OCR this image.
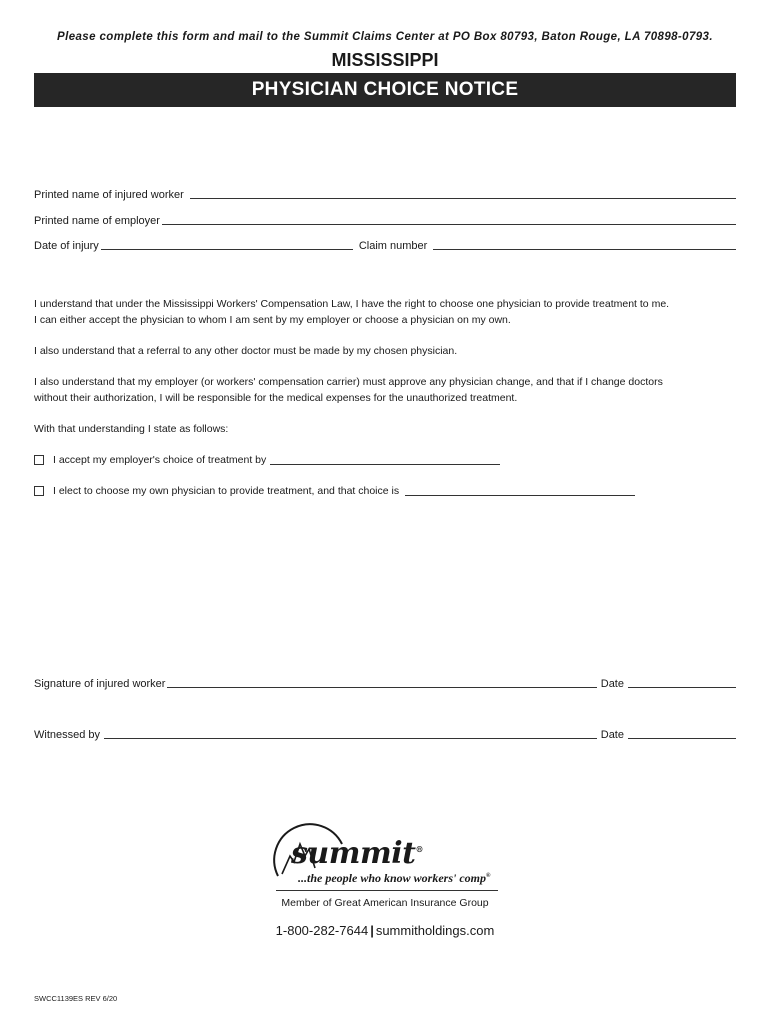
Please complete this form and mail to the Summit Claims Center at PO Box 80793, Baton Rouge, LA 70898-0793.
MISSISSIPPI
PHYSICIAN CHOICE NOTICE
Printed name of injured worker
Printed name of employer
Date of injury	Claim number
I understand that under the Mississippi Workers' Compensation Law, I have the right to choose one physician to provide treatment to me.
I can either accept the physician to whom I am sent by my employer or choose a physician on my own.
I also understand that a referral to any other doctor must be made by my chosen physician.
I also understand that my employer (or workers' compensation carrier) must approve any physician change, and that if I change doctors
without their authorization, I will be responsible for the medical expenses for the unauthorized treatment.
With that understanding I state as follows:
I accept my employer's choice of treatment by
I elect to choose my own physician to provide treatment, and that choice is
Signature of injured worker	Date
Witnessed by	Date
summit®
...the people who know workers' comp®
Member of Great American Insurance Group
1-800-282-7644 | summitholdings.com
SWCC1139ES REV 6/20
